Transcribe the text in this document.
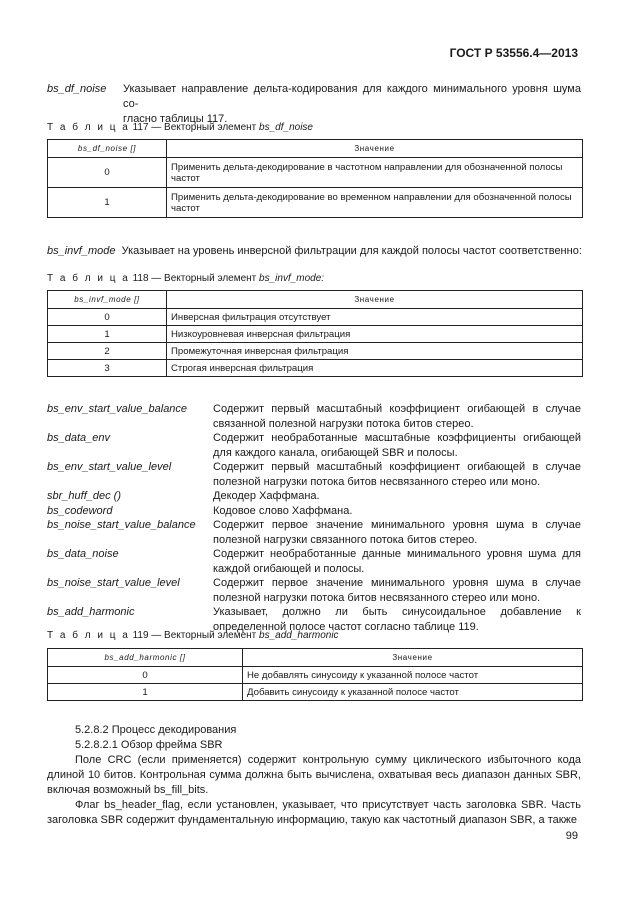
ГОСТ Р 53556.4—2013
bs_df_noise	Указывает направление дельта-кодирования для каждого минимального уровня шума со-
гласно таблицы 117.
Т а б л и ц а 117 — Векторный элемент bs_df_noise
bs_df_noise []	Значение
0	Применить дельта-декодирование в частотном направлении для обозначенной полосы частот
1	Применить дельта-декодирование во временном направлении для обозначенной полосы частот
bs_invf_mode Указывает на уровень инверсной фильтрации для каждой полосы частот соответственно:
Т а б л и ц а 118 — Векторный элемент bs_invf_mode:
bs_invf_mode []	Значение
0	Инверсная фильтрация отсутствует
1	Низкоуровневая инверсная фильтрация
2	Промежуточная инверсная фильтрация
3	Строгая инверсная фильтрация
bs_env_start_value_balance	Содержит первый масштабный коэффициент огибающей в случае связанной полезной нагрузки потока битов стерео.
bs_data_env	Содержит необработанные масштабные коэффициенты огибающей для каждого канала, огибающей SBR и полосы.
bs_env_start_value_level	Содержит первый масштабный коэффициент огибающей в случае полезной нагрузки потока битов несвязанного стерео или моно.
sbr_huff_dec ()	Декодер Хаффмана.
bs_codeword	Кодовое слово Хаффмана.
bs_noise_start_value_balance	Содержит первое значение минимального уровня шума в случае полезной нагрузки связанного потока битов стерео.
bs_data_noise	Содержит необработанные данные минимального уровня шума для каждой огибающей и полосы.
bs_noise_start_value_level	Содержит первое значение минимального уровня шума в случае полезной нагрузки потока битов несвязанного стерео или моно.
bs_add_harmonic	Указывает, должно ли быть синусоидальное добавление к определенной полосе частот согласно таблице 119.
Т а б л и ц а 119 — Векторный элемент bs_add_harmonic
bs_add_harmonic []	Значение
0	Не добавлять синусоиду к указанной полосе частот
1	Добавить синусоиду к указанной полосе частот
5.2.8.2 Процесс декодирования
5.2.8.2.1 Обзор фрейма SBR
Поле CRC (если применяется) содержит контрольную сумму циклического избыточного кода длиной 10 битов. Контрольная сумма должна быть вычислена, охватывая весь диапазон данных SBR, включая возможный bs_fill_bits.
Флаг bs_header_flag, если установлен, указывает, что присутствует часть заголовка SBR. Часть заголовка SBR содержит фундаментальную информацию, такую как частотный диапазон SBR, а также
99
